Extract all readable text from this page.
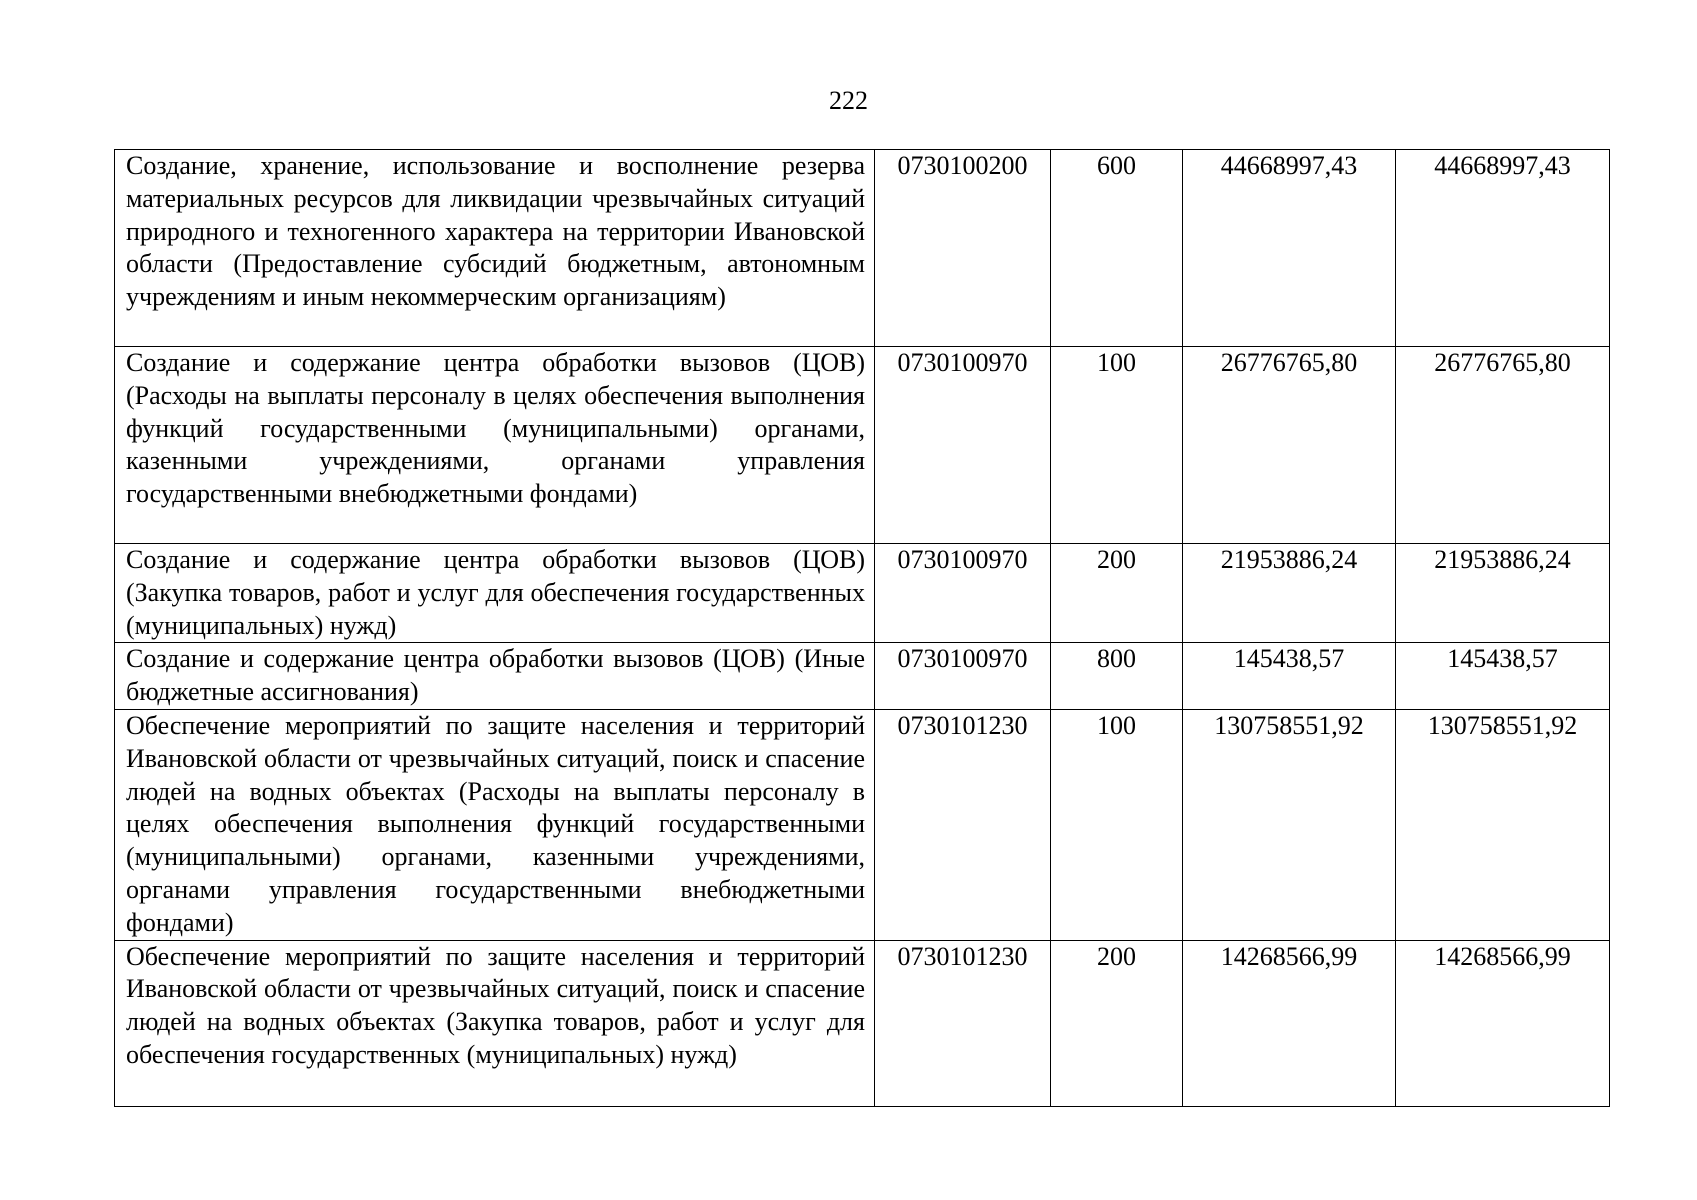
222
Создание, хранение, использование и восполнение резерва материальных ресурсов для ликвидации чрезвычайных ситуаций природного и техногенного характера на территории Ивановской области (Предоставление субсидий бюджетным, автономным учреждениям и иным некоммерческим организациям)	0730100200	600	44668997,43	44668997,43
Создание и содержание центра обработки вызовов (ЦОВ) (Расходы на выплаты персоналу в целях обеспечения выполнения функций государственными (муниципальными) органами, казенными учреждениями, органами управления государственными внебюджетными фондами)	0730100970	100	26776765,80	26776765,80
Создание и содержание центра обработки вызовов (ЦОВ) (Закупка товаров, работ и услуг для обеспечения государственных (муниципальных) нужд)	0730100970	200	21953886,24	21953886,24
Создание и содержание центра обработки вызовов (ЦОВ) (Иные бюджетные ассигнования)	0730100970	800	145438,57	145438,57
Обеспечение мероприятий по защите населения и территорий Ивановской области от чрезвычайных ситуаций, поиск и спасение людей на водных объектах (Расходы на выплаты персоналу в целях обеспечения выполнения функций государственными (муниципальными) органами, казенными учреждениями, органами управления государственными внебюджетными фондами)	0730101230	100	130758551,92	130758551,92
Обеспечение мероприятий по защите населения и территорий Ивановской области от чрезвычайных ситуаций, поиск и спасение людей на водных объектах (Закупка товаров, работ и услуг для обеспечения государственных (муниципальных) нужд)	0730101230	200	14268566,99	14268566,99
